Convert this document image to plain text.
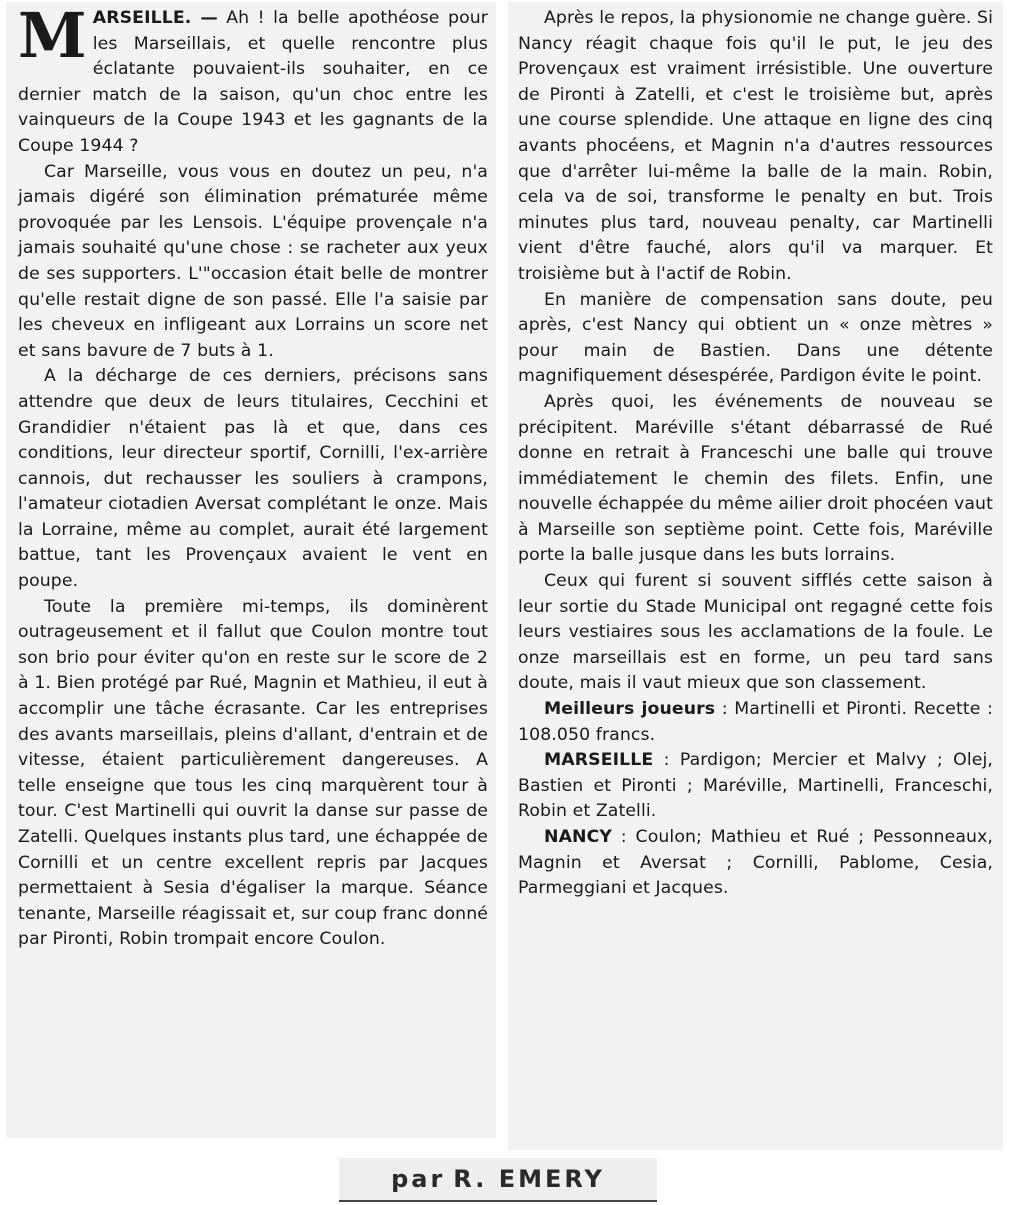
MARSEILLE. — Ah ! la belle apothéose pour les Marseillais, et quelle rencontre plus éclatante pouvaient-ils souhaiter, en ce dernier match de la saison, qu'un choc entre les vainqueurs de la Coupe 1943 et les gagnants de la Coupe 1944 ?

Car Marseille, vous vous en doutez un peu, n'a jamais digéré son élimination prématurée même provoquée par les Lensois. L'équipe provençale n'a jamais souhaité qu'une chose : se racheter aux yeux de ses supporters. L'"occasion était belle de montrer qu'elle restait digne de son passé. Elle l'a saisie par les cheveux en infligeant aux Lorrains un score net et sans bavure de 7 buts à 1.

A la décharge de ces derniers, précisons sans attendre que deux de leurs titulaires, Cecchini et Grandidier n'étaient pas là et que, dans ces conditions, leur directeur sportif, Cornilli, l'ex-arrière cannois, dut rechausser les souliers à crampons, l'amateur ciotadien Aversat complétant le onze. Mais la Lorraine, même au complet, aurait été largement battue, tant les Provençaux avaient le vent en poupe.

Toute la première mi-temps, ils dominèrent outrageusement et il fallut que Coulon montre tout son brio pour éviter qu'on en reste sur le score de 2 à 1. Bien protégé par Rué, Magnin et Mathieu, il eut à accomplir une tâche écrasante. Car les entreprises des avants marseillais, pleins d'allant, d'entrain et de vitesse, étaient particulièrement dangereuses. A telle enseigne que tous les cinq marquèrent tour à tour. C'est Martinelli qui ouvrit la danse sur passe de Zatelli. Quelques instants plus tard, une échappée de Cornilli et un centre excellent repris par Jacques permettaient à Sesia d'égaliser la marque. Séance tenante, Marseille réagissait et, sur coup franc donné par Pironti, Robin trompait encore Coulon.

Après le repos, la physionomie ne change guère. Si Nancy réagit chaque fois qu'il le put, le jeu des Provençaux est vraiment irrésistible. Une ouverture de Pironti à Zatelli, et c'est le troisième but, après une course splendide. Une attaque en ligne des cinq avants phocéens, et Magnin n'a d'autres ressources que d'arrêter lui-même la balle de la main. Robin, cela va de soi, transforme le penalty en but. Trois minutes plus tard, nouveau penalty, car Martinelli vient d'être fauché, alors qu'il va marquer. Et troisième but à l'actif de Robin.

En manière de compensation sans doute, peu après, c'est Nancy qui obtient un « onze mètres » pour main de Bastien. Dans une détente magnifiquement désespérée, Pardigon évite le point.

Après quoi, les événements de nouveau se précipitent. Maréville s'étant débarrassé de Rué donne en retrait à Franceschi une balle qui trouve immédiatement le chemin des filets. Enfin, une nouvelle échappée du même ailier droit phocéen vaut à Marseille son septième point. Cette fois, Maréville porte la balle jusque dans les buts lorrains.

Ceux qui furent si souvent sifflés cette saison à leur sortie du Stade Municipal ont regagné cette fois leurs vestiaires sous les acclamations de la foule. Le onze marseillais est en forme, un peu tard sans doute, mais il vaut mieux que son classement.

Meilleurs joueurs : Martinelli et Pironti. Recette : 108.050 francs.

MARSEILLE : Pardigon; Mercier et Malvy ; Olej, Bastien et Pironti ; Maréville, Martinelli, Franceschi, Robin et Zatelli.

NANCY : Coulon; Mathieu et Rué ; Pessonneaux, Magnin et Aversat ; Cornilli, Pablome, Cesia, Parmeggiani et Jacques.

par R. EMERY
